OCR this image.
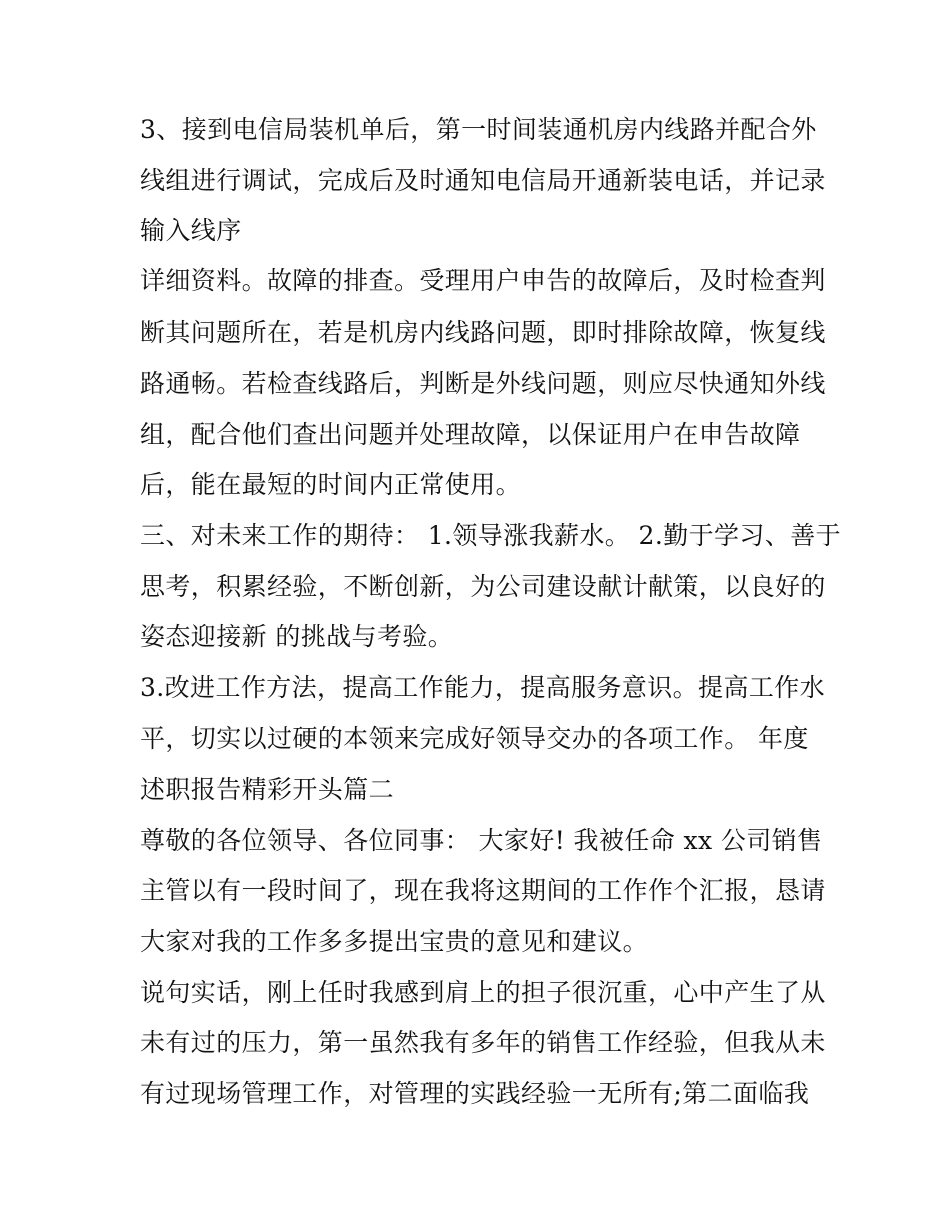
3、接到电信局装机单后，第一时间装通机房内线路并配合外
线组进行调试，完成后及时通知电信局开通新装电话，并记录
输入线序
详细资料。故障的排查。受理用户申告的故障后，及时检查判
断其问题所在，若是机房内线路问题，即时排除故障，恢复线
路通畅。若检查线路后，判断是外线问题，则应尽快通知外线
组，配合他们查出问题并处理故障，以保证用户在申告故障
后，能在最短的时间内正常使用。
三、对未来工作的期待： 1.领导涨我薪水。 2.勤于学习、善于
思考，积累经验，不断创新，为公司建设献计献策，以良好的
姿态迎接新 的挑战与考验。
3.改进工作方法，提高工作能力，提高服务意识。提高工作水
平，切实以过硬的本领来完成好领导交办的各项工作。 年度
述职报告精彩开头篇二
尊敬的各位领导、各位同事： 大家好! 我被任命 xx 公司销售
主管以有一段时间了，现在我将这期间的工作作个汇报，恳请
大家对我的工作多多提出宝贵的意见和建议。
说句实话，刚上任时我感到肩上的担子很沉重，心中产生了从
未有过的压力，第一虽然我有多年的销售工作经验，但我从未
有过现场管理工作，对管理的实践经验一无所有;第二面临我
